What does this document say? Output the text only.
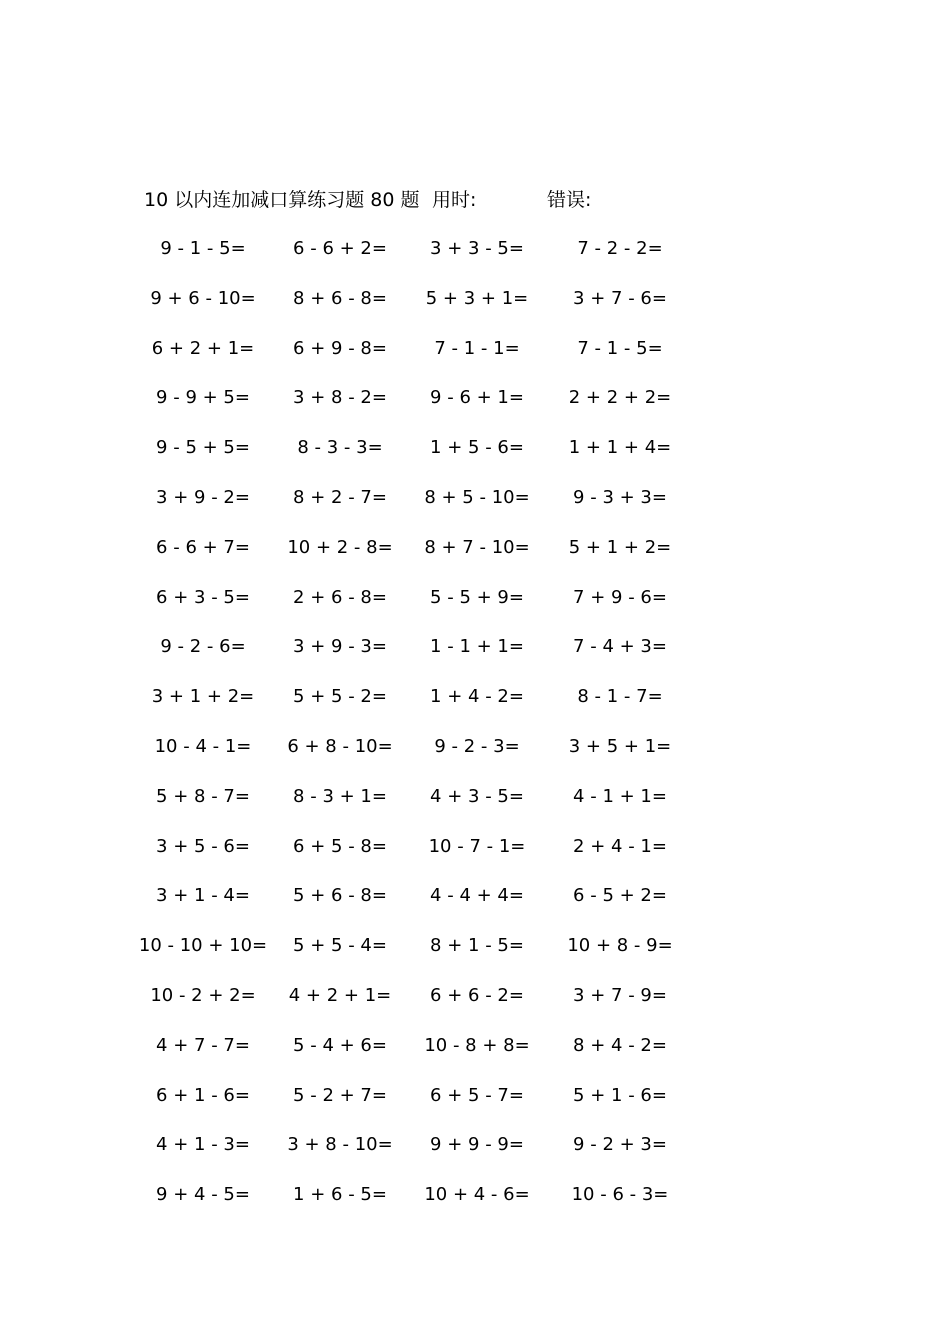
10 以内连加减口算练习题 80 题 用时:	错误:
9 - 1 - 5=	6 - 6 + 2= 3 + 3 - 5=	7 - 2 - 2=
9 + 6 - 10= 8 + 6 - 8= 5 + 3 + 1= 3 + 7 - 6=
6 + 2 + 1= 6 + 9 - 8=	7 - 1 - 1=	7 - 1 - 5=
9 - 9 + 5= 3 + 8 - 2= 9 - 6 + 1= 2 + 2 + 2=
9 - 5 + 5=	8 - 3 - 3=	1 + 5 - 6= 1 + 1 + 4=
3 + 9 - 2= 8 + 2 - 7= 8 + 5 - 10= 9 - 3 + 3=
6 - 6 + 7= 10 + 2 - 8= 8 + 7 - 10= 5 + 1 + 2=
6 + 3 - 5= 2 + 6 - 8= 5 - 5 + 9=	7 + 9 - 6=
9 - 2 - 6=	3 + 9 - 3= 1 - 1 + 1=	7 - 4 + 3=
3 + 1 + 2= 5 + 5 - 2= 1 + 4 - 2=	8 - 1 - 7=
10 - 4 - 1= 6 + 8 - 10= 9 - 2 - 3=	3 + 5 + 1=
5 + 8 - 7= 8 - 3 + 1= 4 + 3 - 5=	4 - 1 + 1=
3 + 5 - 6= 6 + 5 - 8= 10 - 7 - 1=	2 + 4 - 1=
3 + 1 - 4= 5 + 6 - 8= 4 - 4 + 4=	6 - 5 + 2=
10 - 10 + 10= 5 + 5 - 4= 8 + 1 - 5= 10 + 8 - 9=
10 - 2 + 2= 4 + 2 + 1= 6 + 6 - 2=	3 + 7 - 9=
4 + 7 - 7= 5 - 4 + 6= 10 - 8 + 8= 8 + 4 - 2=
6 + 1 - 6= 5 - 2 + 7= 6 + 5 - 7=	5 + 1 - 6=
4 + 1 - 3= 3 + 8 - 10= 9 + 9 - 9=	9 - 2 + 3=
9 + 4 - 5= 1 + 6 - 5= 10 + 4 - 6= 10 - 6 - 3=
